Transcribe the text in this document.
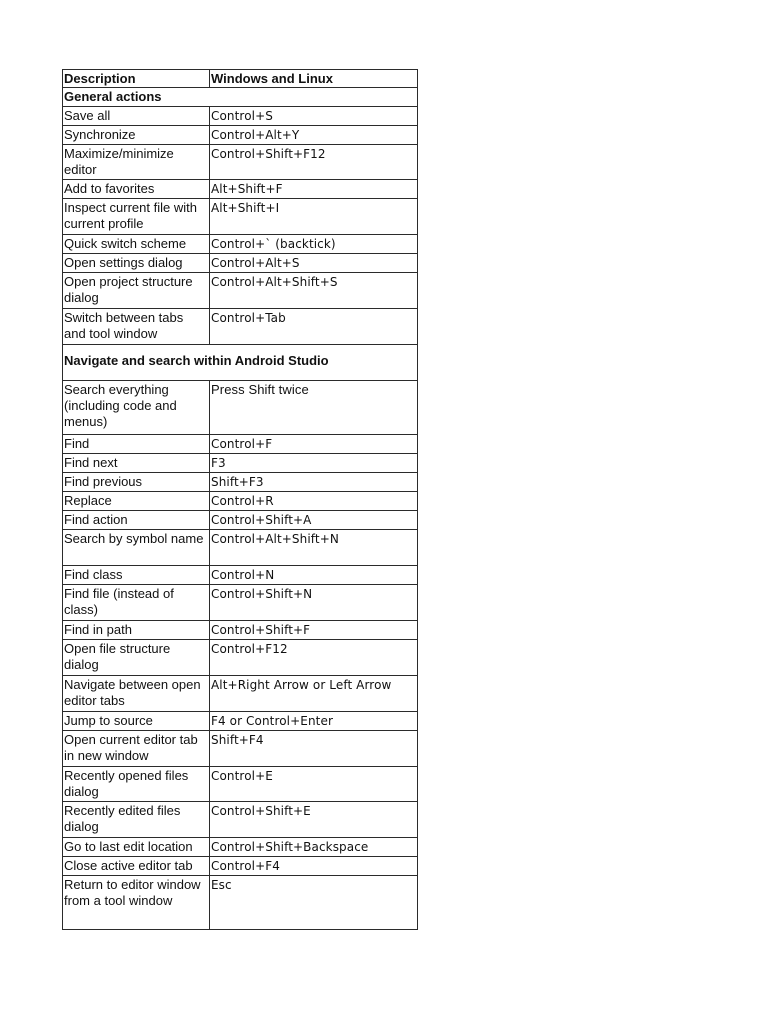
Description	Windows and Linux
General actions	
Save all	Control+S
Synchronize	Control+Alt+Y
Maximize/minimize editor	Control+Shift+F12
Add to favorites	Alt+Shift+F
Inspect current file with current profile	Alt+Shift+I
Quick switch scheme	Control+` (backtick)
Open settings dialog	Control+Alt+S
Open project structure dialog	Control+Alt+Shift+S
Switch between tabs and tool window	Control+Tab
Navigate and search within Android Studio	
Search everything (including code and menus)	Press Shift twice
Find	Control+F
Find next	F3
Find previous	Shift+F3
Replace	Control+R
Find action	Control+Shift+A
Search by symbol name	Control+Alt+Shift+N
Find class	Control+N
Find file (instead of class)	Control+Shift+N
Find in path	Control+Shift+F
Open file structure dialog	Control+F12
Navigate between open editor tabs	Alt+Right Arrow or Left Arrow
Jump to source	F4 or Control+Enter
Open current editor tab in new window	Shift+F4
Recently opened files dialog	Control+E
Recently edited files dialog	Control+Shift+E
Go to last edit location	Control+Shift+Backspace
Close active editor tab	Control+F4
Return to editor window from a tool window	Esc
